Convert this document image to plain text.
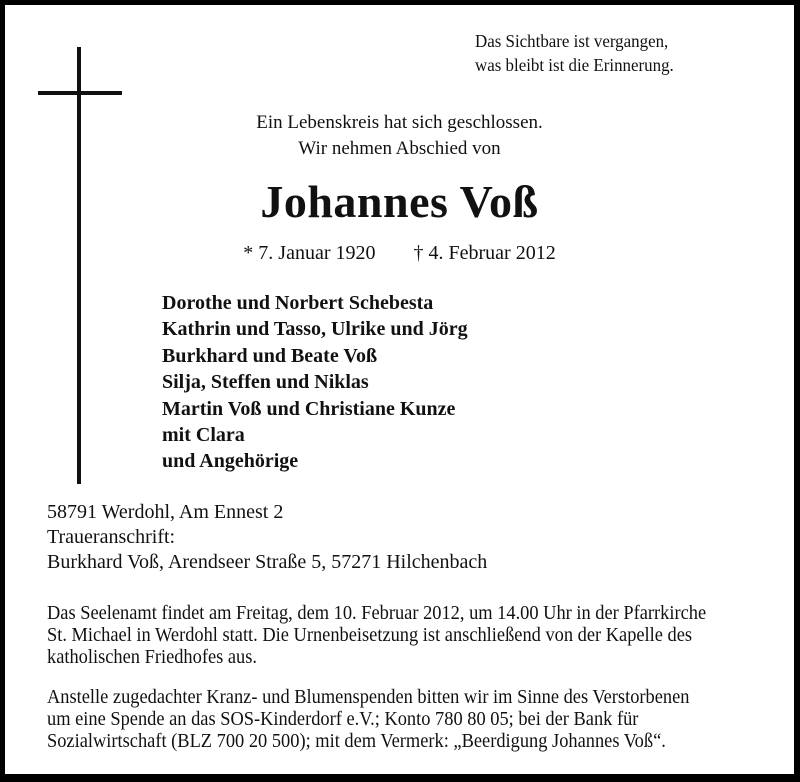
Das Sichtbare ist vergangen,
was bleibt ist die Erinnerung.
Ein Lebenskreis hat sich geschlossen.
Wir nehmen Abschied von
Johannes Voß
* 7. Januar 1920 † 4. Februar 2012
Dorothe und Norbert Schebesta
Kathrin und Tasso, Ulrike und Jörg
Burkhard und Beate Voß
Silja, Steffen und Niklas
Martin Voß und Christiane Kunze
mit Clara
und Angehörige
58791 Werdohl, Am Ennest 2
Traueranschrift:
Burkhard Voß, Arendseer Straße 5, 57271 Hilchenbach
Das Seelenamt findet am Freitag, dem 10. Februar 2012, um 14.00 Uhr in der Pfarrkirche
St. Michael in Werdohl statt. Die Urnenbeisetzung ist anschließend von der Kapelle des
katholischen Friedhofes aus.
Anstelle zugedachter Kranz- und Blumenspenden bitten wir im Sinne des Verstorbenen
um eine Spende an das SOS-Kinderdorf e.V.; Konto 780 80 05; bei der Bank für
Sozialwirtschaft (BLZ 700 20 500); mit dem Vermerk: „Beerdigung Johannes Voß“.
